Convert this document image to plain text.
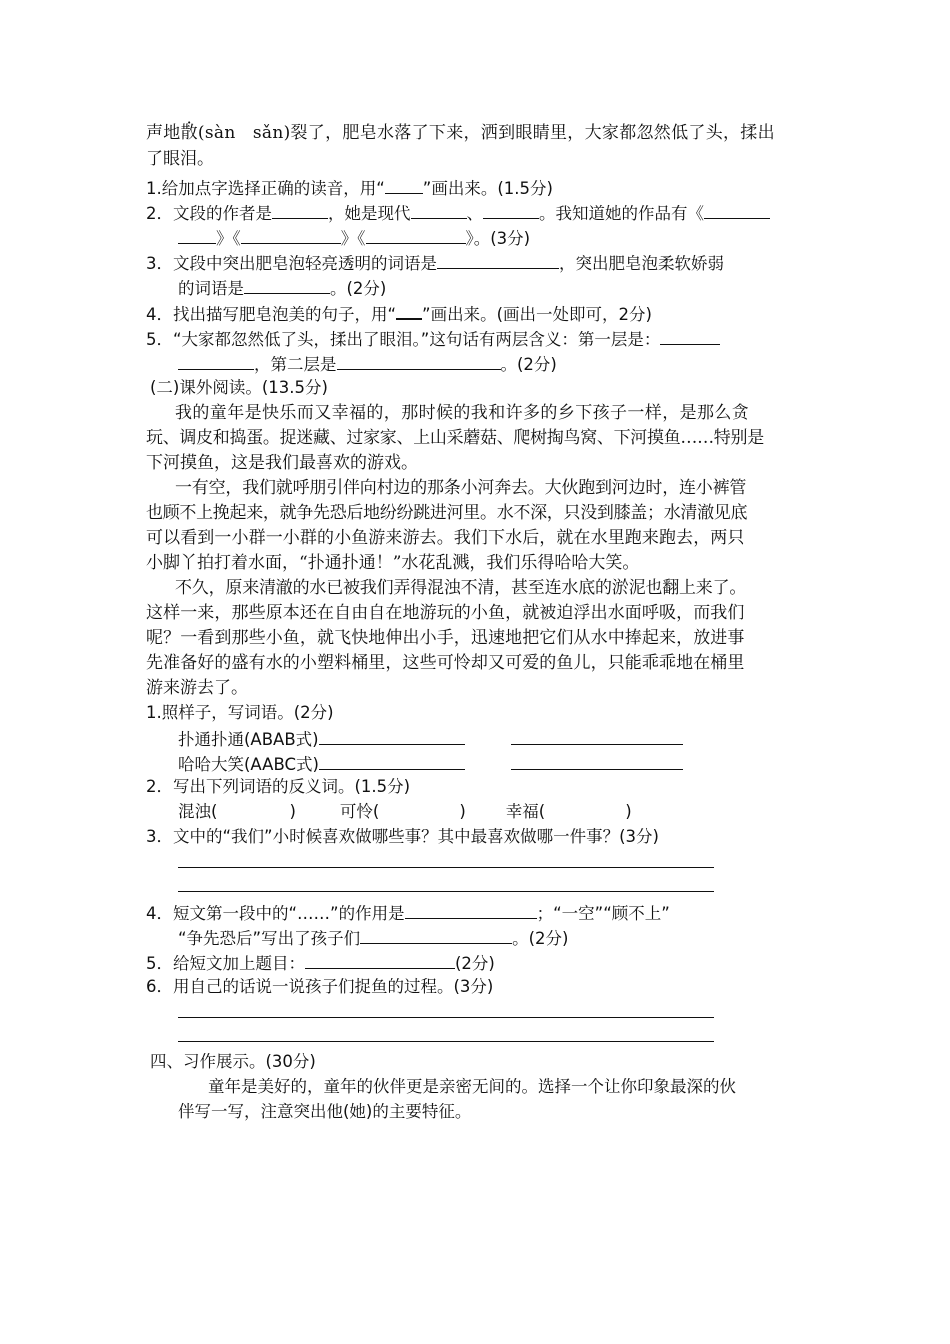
声地散(sàn　sǎn)裂了，肥皂水落了下来，洒到眼睛里，大家都忽然低了头，揉出
了眼泪。
1.给加点字选择正确的读音，用“ ”画出来。(1.5分)
2．文段的作者是	，她是现代	、	。我知道她的作品有《
》《	》《	》。(3分)
3．文段中突出肥皂泡轻亮透明的词语是	，突出肥皂泡柔软娇弱
的词语是	。(2分)
4．找出描写肥皂泡美的句子，用“ ”画出来。(画出一处即可，2分)
5．“大家都忽然低了头，揉出了眼泪。”这句话有两层含义：第一层是：
，第二层是	。(2分)
(二)课外阅读。(13.5分)
我的童年是快乐而又幸福的，那时候的我和许多的乡下孩子一样，是那么贪
玩、调皮和捣蛋。捉迷藏、过家家、上山采蘑菇、爬树掏鸟窝、下河摸鱼……特别是
下河摸鱼，这是我们最喜欢的游戏。
一有空，我们就呼朋引伴向村边的那条小河奔去。大伙跑到河边时，连小裤管
也顾不上挽起来，就争先恐后地纷纷跳进河里。水不深，只没到膝盖；水清澈见底
可以看到一小群一小群的小鱼游来游去。我们下水后，就在水里跑来跑去，两只
小脚丫拍打着水面，“扑通扑通！”水花乱溅，我们乐得哈哈大笑。
不久，原来清澈的水已被我们弄得混浊不清，甚至连水底的淤泥也翻上来了。
这样一来，那些原本还在自由自在地游玩的小鱼，就被迫浮出水面呼吸，而我们
呢？一看到那些小鱼，就飞快地伸出小手，迅速地把它们从水中捧起来，放进事
先准备好的盛有水的小塑料桶里，这些可怜却又可爱的鱼儿，只能乖乖地在桶里
游来游去了。
1.照样子，写词语。(2分)
扑通扑通(ABAB式)
哈哈大笑(AABC式)
2．写出下列词语的反义词。(1.5分)
混浊(	)	可怜(	) 幸福(	)
3．文中的“我们”小时候喜欢做哪些事？其中最喜欢做哪一件事？(3分)
4．短文第一段中的“……”的作用是	；“一空”“顾不上”
“争先恐后”写出了孩子们	。(2分)
5．给短文加上题目：	(2分)
6．用自己的话说一说孩子们捉鱼的过程。(3分)
四、习作展示。(30分)
童年是美好的，童年的伙伴更是亲密无间的。选择一个让你印象最深的伙
伴写一写，注意突出他(她)的主要特征。
